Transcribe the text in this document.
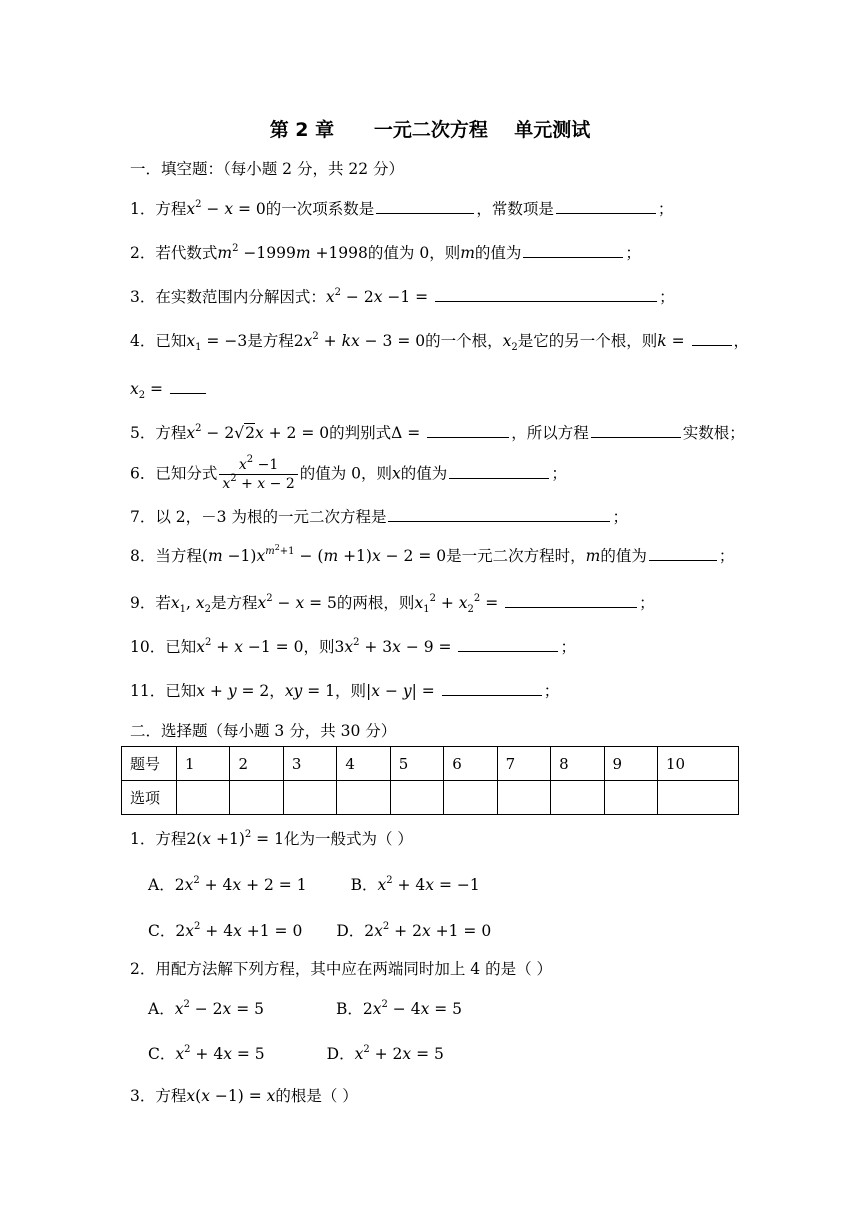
第 2 章      一元二次方程    单元测试
一．填空题：（每小题 2 分，共 22 分）
1．方程$x^2 - x = 0$的一次项系数是	，常数项是	；
2．若代数式$m^2 -1999m +1998$的值为 0，则m的值为	；
3．在实数范围内分解因式：$x^2 - 2x -1$ =	；
4．已知$x_1 = -3$是方程$2x^2$ + kx − 3 = 0的一个根，$x_2$是它的另一个根，则k =	，
$x_2$ =
5．方程$x^2 - 2√2x + 2 = 0$的判别式Δ =	，所以方程	实数根；
6．已知分式 $\frac{x^2 -1}{x^2 + x - 2}$ 的值为 0，则x的值为	；
7．以 2，－3 为根的一元二次方程是	；
8．当方程$(m -1)x^{m^2+1} - (m +1)x - 2 = 0$是一元二次方程时，m的值为	；
9．若$x_1$, $x_2$是方程$x^2 - x = 5$的两根，则$x_1^2 + x_2^2$ =	；
10．已知$x^2 + x -1 = 0$，则$3x^2 + 3x - 9$ =	；
11．已知x + y = 2，xy = 1，则|x − y| =	；
二．选择题（每小题 3 分，共 30 分）
题号	1	2	3	4	5	6	7	8	9	10
选项										
1．方程$2(x +1)^2 = 1$化为一般式为（ ）
A．$2x^2 + 4x + 2 = 1$	B．$x^2 + 4x = -1$
C．$2x^2 + 4x +1 = 0$ D．$2x^2 + 2x +1 = 0$
2．用配方法解下列方程，其中应在两端同时加上 4 的是（ ）
A．$x^2 - 2x = 5$	B．$2x^2 - 4x = 5$
C．$x^2 + 4x = 5$	D．$x^2 + 2x = 5$
3．方程x(x −1) = x的根是（ ）
